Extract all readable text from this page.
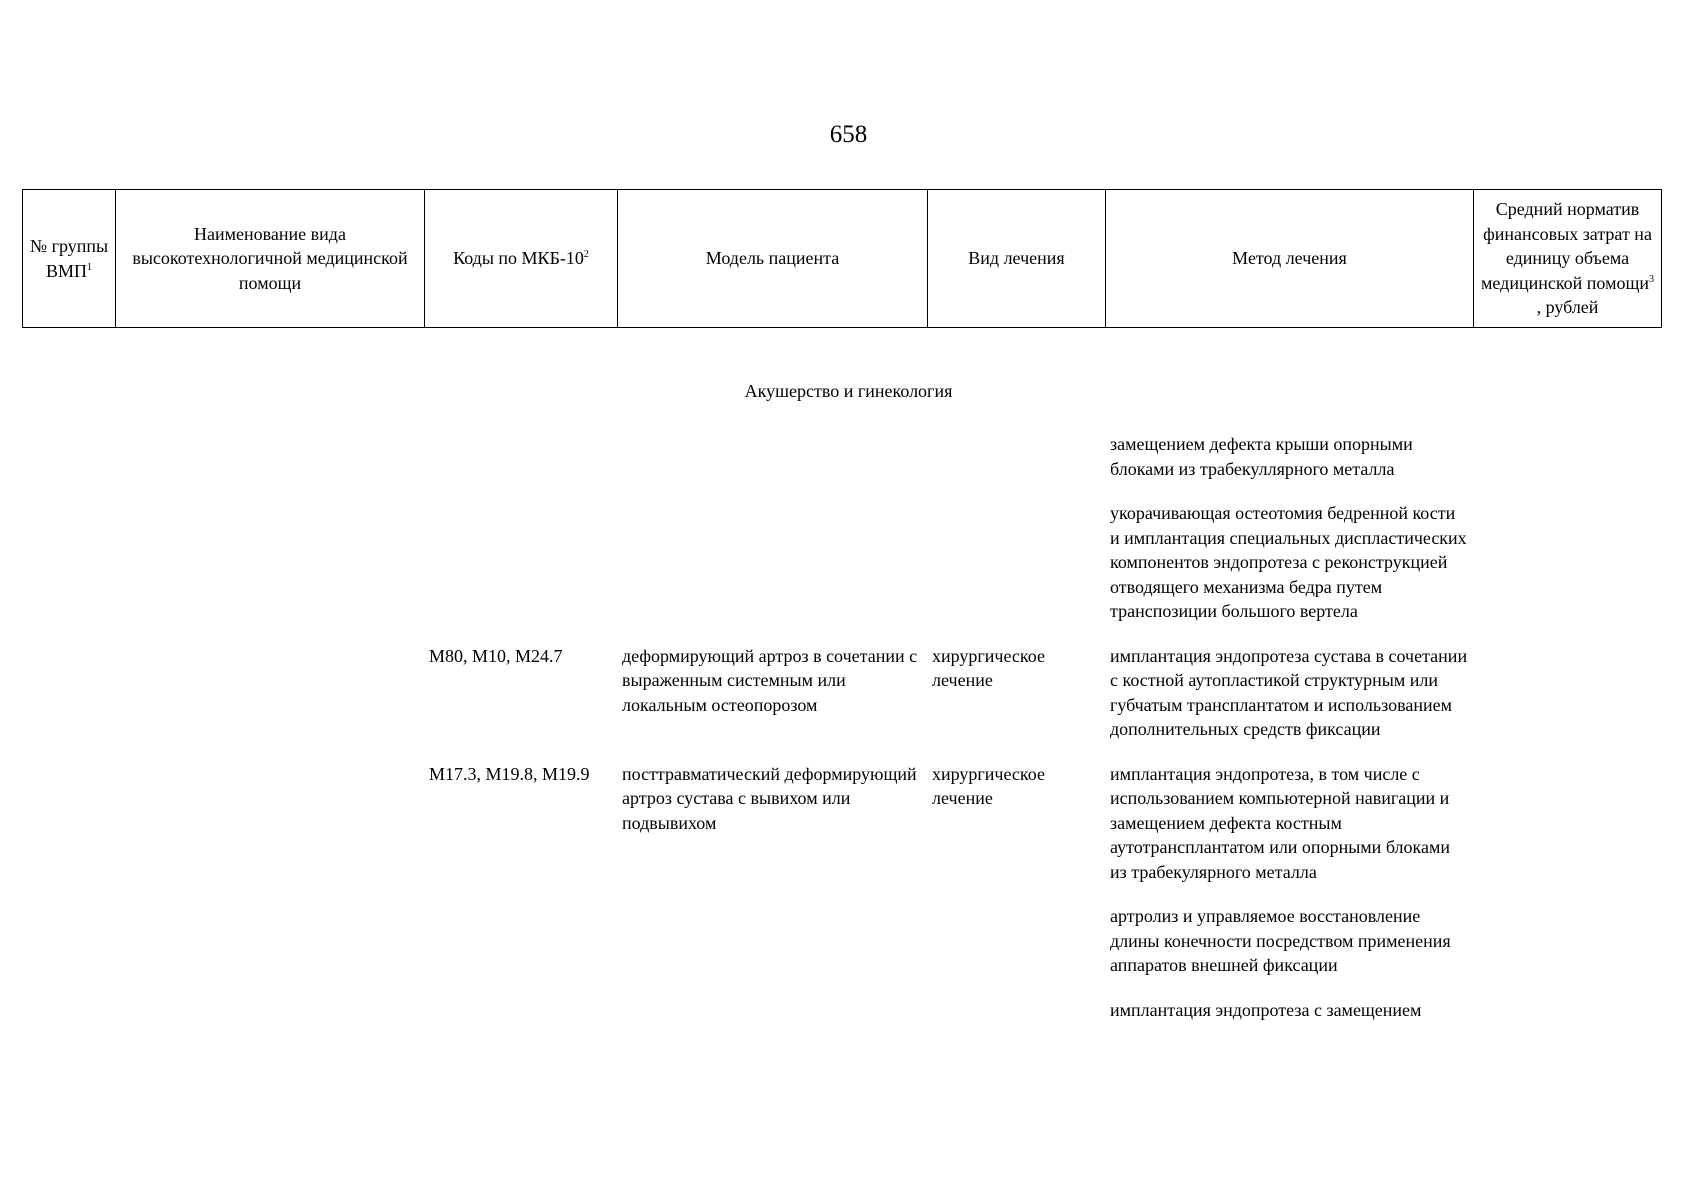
658
№ группы ВМП$^1$	Наименование вида высокотехнологичной медицинской помощи	Коды по МКБ-$10^2$	Модель пациента	Вид лечения	Метод лечения	Средний норматив финансовых затрат на единицу объема медицинской помощи$^3$ , рублей
Акушерство и гинекология
					замещением дефекта крыши опорными блоками из трабекуллярного металла	
					укорачивающая остеотомия бедренной кости и имплантация специальных диспластических компонентов эндопротеза с реконструкцией отводящего механизма бедра путем транспозиции большого вертела	
		M80, M10, M24.7	деформирующий артроз в сочетании с выраженным системным или локальным остеопорозом	хирургическое лечение	имплантация эндопротеза сустава в сочетании с костной аутопластикой структурным или губчатым трансплантатом и использованием дополнительных средств фиксации	
		M17.3, M19.8, M19.9	посттравматический деформирующий артроз сустава с вывихом или подвывихом	хирургическое лечение	имплантация эндопротеза, в том числе с использованием компьютерной навигации и замещением дефекта костным аутотрансплантатом или опорными блоками из трабекулярного металла	
					артролиз и управляемое восстановление длины конечности посредством применения аппаратов внешней фиксации	
					имплантация эндопротеза с замещением	
